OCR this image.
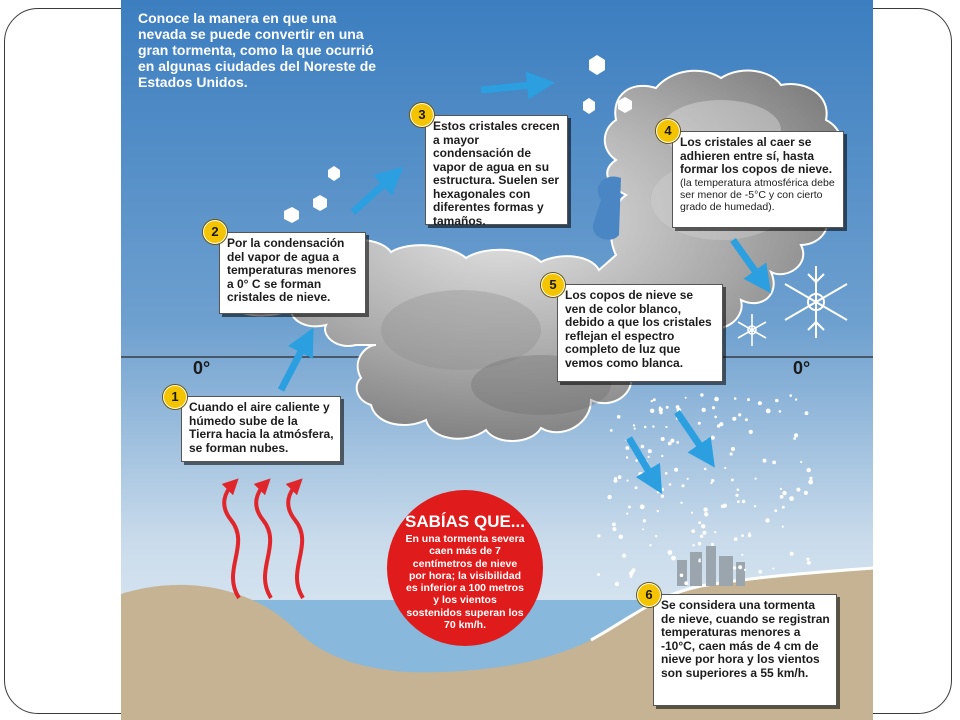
Conoce la manera en que una nevada se puede convertir en una gran tormenta, como la que ocurrió en algunas ciudades del Noreste de Estados Unidos.
0°	0°
Cuando el aire caliente y húmedo sube de la Tierra hacia la atmósfera, se forman nubes.
1
Por la condensación del vapor de agua a temperaturas menores a 0° C se forman cristales de nieve.
2
Estos cristales crecen a mayor condensación de vapor de agua en su estructura. Suelen ser hexagonales con diferentes formas y tamaños.
3
Los cristales al caer se adhieren entre sí, hasta formar los copos de nieve.
(la temperatura atmosférica debe ser menor de -5°C y con cierto grado de humedad).
4
Los copos de nieve se ven de color blanco, debido a que los cristales reflejan el espectro completo de luz que vemos como blanca.
5
Se considera una tormenta de nieve, cuando se registran temperaturas menores a -10°C, caen más de 4 cm de nieve por hora y los vientos son superiores a 55 km/h.
6
SABÍAS QUE...
En una tormenta severa caen más de 7 centímetros de nieve por hora; la visibilidad es inferior a 100 metros y los vientos sostenidos superan los 70 km/h.
